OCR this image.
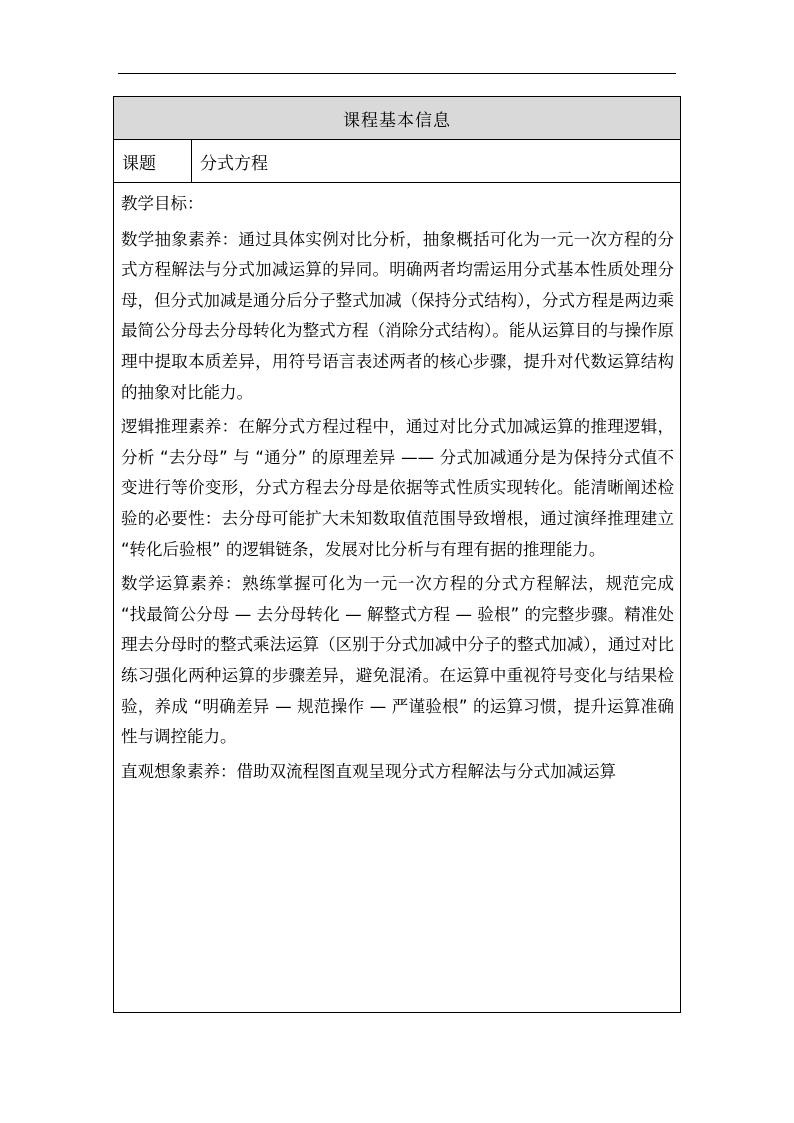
课程基本信息
课题	分式方程

教学目标：

数学抽象素养：通过具体实例对比分析，抽象概括可化为一元一次方程的分式方程解法与分式加减运算的异同。明确两者均需运用分式基本性质处理分母，但分式加减是通分后分子整式加减（保持分式结构），分式方程是两边乘最简公分母去分母转化为整式方程（消除分式结构）。能从运算目的与操作原理中提取本质差异，用符号语言表述两者的核心步骤，提升对代数运算结构的抽象对比能力。

逻辑推理素养：在解分式方程过程中，通过对比分式加减运算的推理逻辑，分析 “去分母” 与 “通分” 的原理差异 —— 分式加减通分是为保持分式值不变进行等价变形，分式方程去分母是依据等式性质实现转化。能清晰阐述检验的必要性：去分母可能扩大未知数取值范围导致增根，通过演绎推理建立 “转化后验根” 的逻辑链条，发展对比分析与有理有据的推理能力。

数学运算素养：熟练掌握可化为一元一次方程的分式方程解法，规范完成 “找最简公分母 — 去分母转化 — 解整式方程 — 验根” 的完整步骤。精准处理去分母时的整式乘法运算（区别于分式加减中分子的整式加减），通过对比练习强化两种运算的步骤差异，避免混淆。在运算中重视符号变化与结果检验，养成 “明确差异 — 规范操作 — 严谨验根” 的运算习惯，提升运算准确性与调控能力。

直观想象素养：借助双流程图直观呈现分式方程解法与分式加减运算
